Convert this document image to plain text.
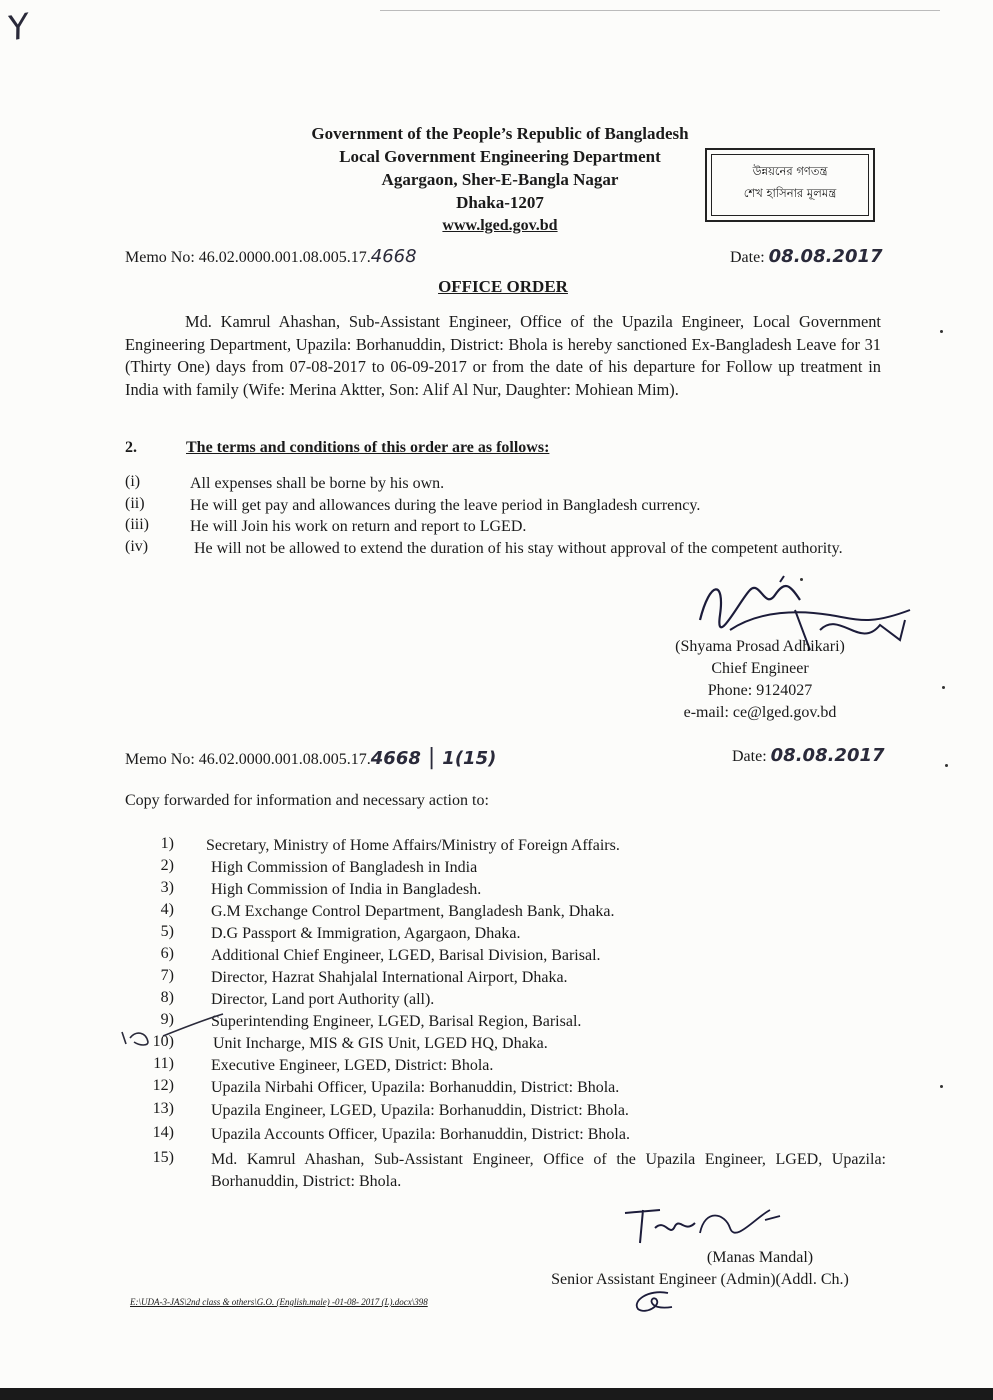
Y
Government of the People’s Republic of Bangladesh
Local Government Engineering Department
Agargaon, Sher-E-Bangla Nagar
Dhaka-1207
www.lged.gov.bd
উন্নয়নের গণতন্ত্র
শেখ হাসিনার মূলমন্ত্র
Memo No: 46.02.0000.001.08.005.17.4668	Date: 08.08.2017
OFFICE ORDER
Md. Kamrul Ahashan, Sub-Assistant Engineer, Office of the Upazila Engineer, Local Government Engineering Department, Upazila: Borhanuddin, District: Bhola is hereby sanctioned Ex-Bangladesh Leave for 31 (Thirty One) days from 07-08-2017 to 06-09-2017 or from the date of his departure for Follow up treatment in India with family (Wife: Merina Aktter, Son: Alif Al Nur, Daughter: Mohiean Mim).
2.	The terms and conditions of this order are as follows:
(i)	All expenses shall be borne by his own.
(ii)	He will get pay and allowances during the leave period in Bangladesh currency.
(iii)	He will Join his work on return and report to LGED.
(iv)	He will not be allowed to extend the duration of his stay without approval of the competent authority.
(Shyama Prosad Adhikari)
Chief Engineer
Phone: 9124027
e-mail: ce@lged.gov.bd
Memo No: 46.02.0000.001.08.005.17.4668 | 1(15)	Date: 08.08.2017
Copy forwarded for information and necessary action to:
1) Secretary, Ministry of Home Affairs/Ministry of Foreign Affairs.
2) High Commission of Bangladesh in India
3) High Commission of India in Bangladesh.
4) G.M Exchange Control Department, Bangladesh Bank, Dhaka.
5) D.G Passport & Immigration, Agargaon, Dhaka.
6) Additional Chief Engineer, LGED, Barisal Division, Barisal.
7) Director, Hazrat Shahjalal International Airport, Dhaka.
8) Director, Land port Authority (all).
9) Superintending Engineer, LGED, Barisal Region, Barisal.
10) Unit Incharge, MIS & GIS Unit, LGED HQ, Dhaka.
11) Executive Engineer, LGED, District: Bhola.
12) Upazila Nirbahi Officer, Upazila: Borhanuddin, District: Bhola.
13) Upazila Engineer, LGED, Upazila: Borhanuddin, District: Bhola.
14) Upazila Accounts Officer, Upazila: Borhanuddin, District: Bhola.
15) Md. Kamrul Ahashan, Sub-Assistant Engineer, Office of the Upazila Engineer, LGED, Upazila: Borhanuddin, District: Bhola.
(Manas Mandal)
Senior Assistant Engineer (Admin)(Addl. Ch.)
E:\UDA-3-JAS\2nd class & others\G.O. (English.male) -01-08- 2017 (L).docx\398
